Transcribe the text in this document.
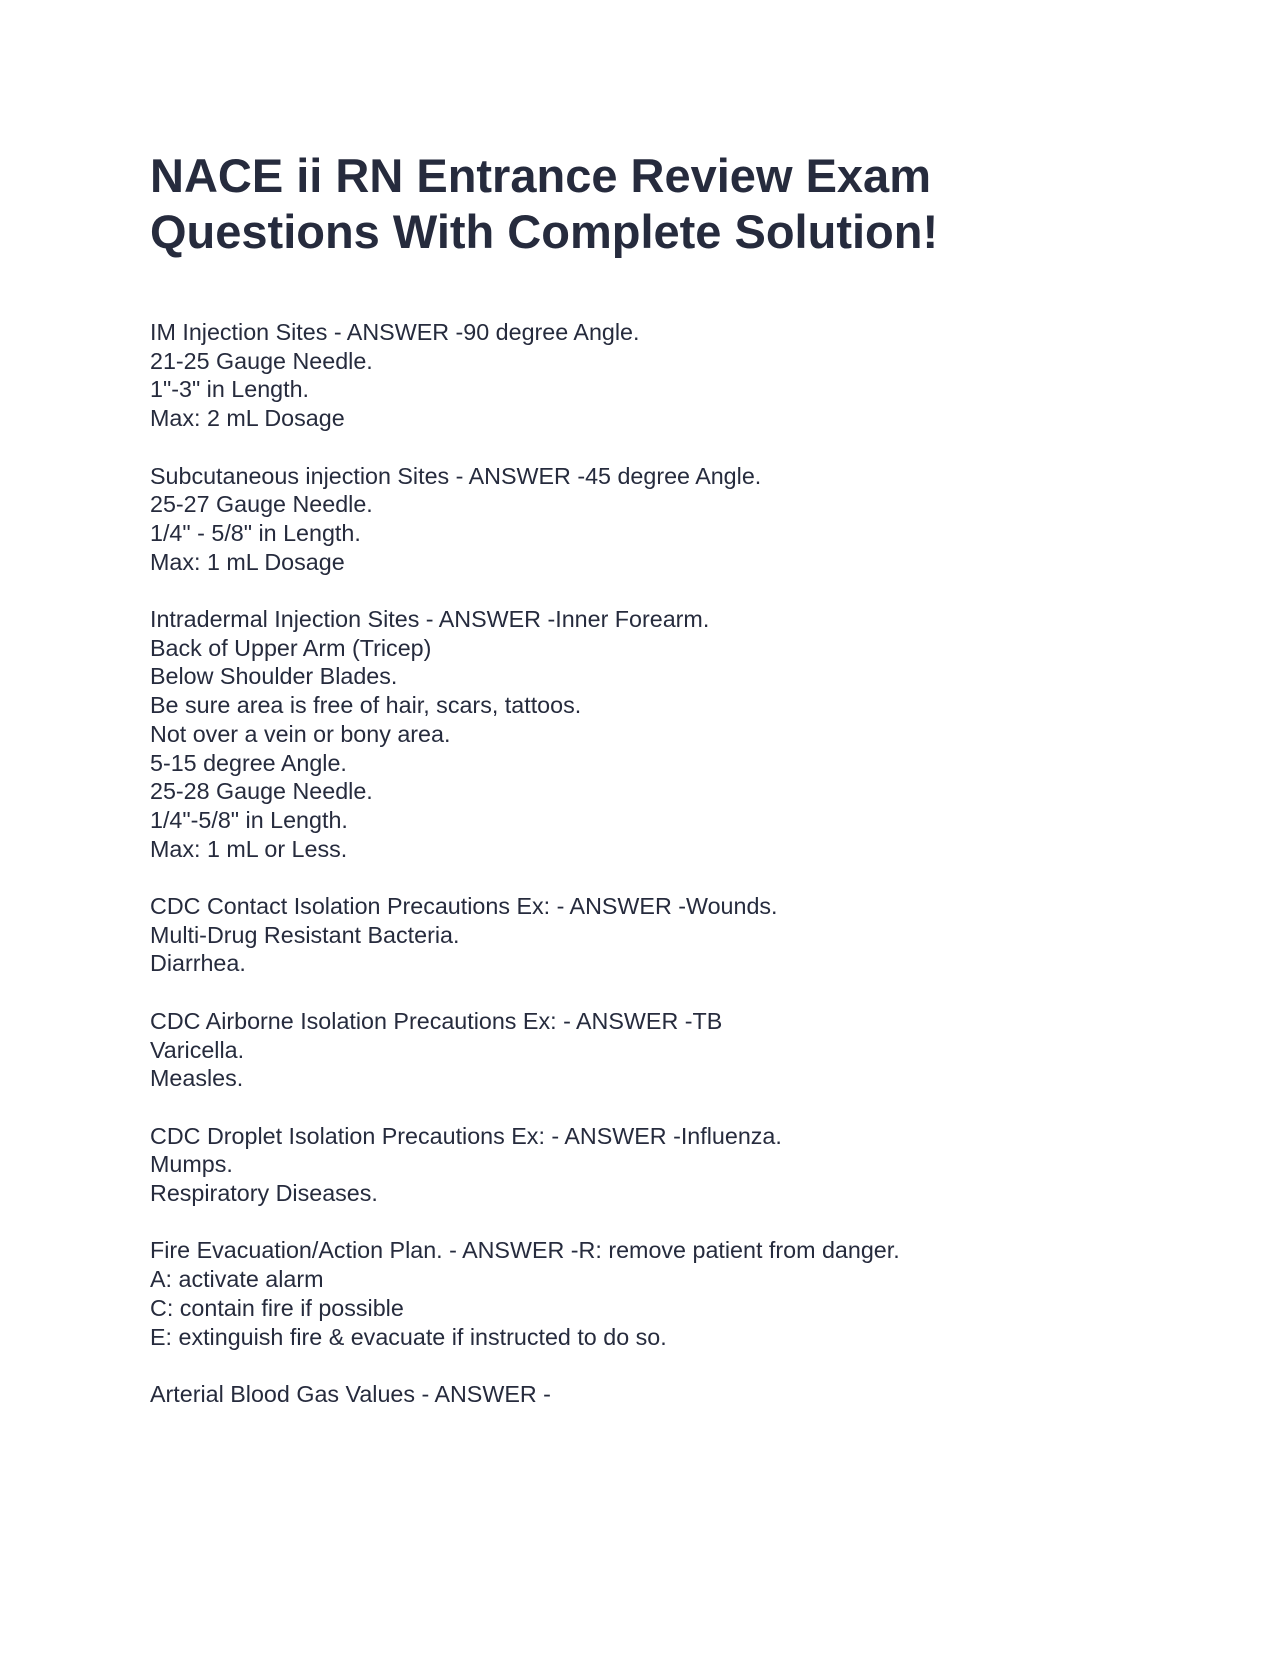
NACE ii RN Entrance Review Exam
Questions With Complete Solution!
IM Injection Sites - ANSWER -90 degree Angle.
21-25 Gauge Needle.
1"-3" in Length.
Max: 2 mL Dosage
Subcutaneous injection Sites - ANSWER -45 degree Angle.
25-27 Gauge Needle.
1/4" - 5/8" in Length.
Max: 1 mL Dosage
Intradermal Injection Sites - ANSWER -Inner Forearm.
Back of Upper Arm (Tricep)
Below Shoulder Blades.
Be sure area is free of hair, scars, tattoos.
Not over a vein or bony area.
5-15 degree Angle.
25-28 Gauge Needle.
1/4"-5/8" in Length.
Max: 1 mL or Less.
CDC Contact Isolation Precautions Ex: - ANSWER -Wounds.
Multi-Drug Resistant Bacteria.
Diarrhea.
CDC Airborne Isolation Precautions Ex: - ANSWER -TB
Varicella.
Measles.
CDC Droplet Isolation Precautions Ex: - ANSWER -Influenza.
Mumps.
Respiratory Diseases.
Fire Evacuation/Action Plan. - ANSWER -R: remove patient from danger.
A: activate alarm
C: contain fire if possible
E: extinguish fire & evacuate if instructed to do so.
Arterial Blood Gas Values - ANSWER -
